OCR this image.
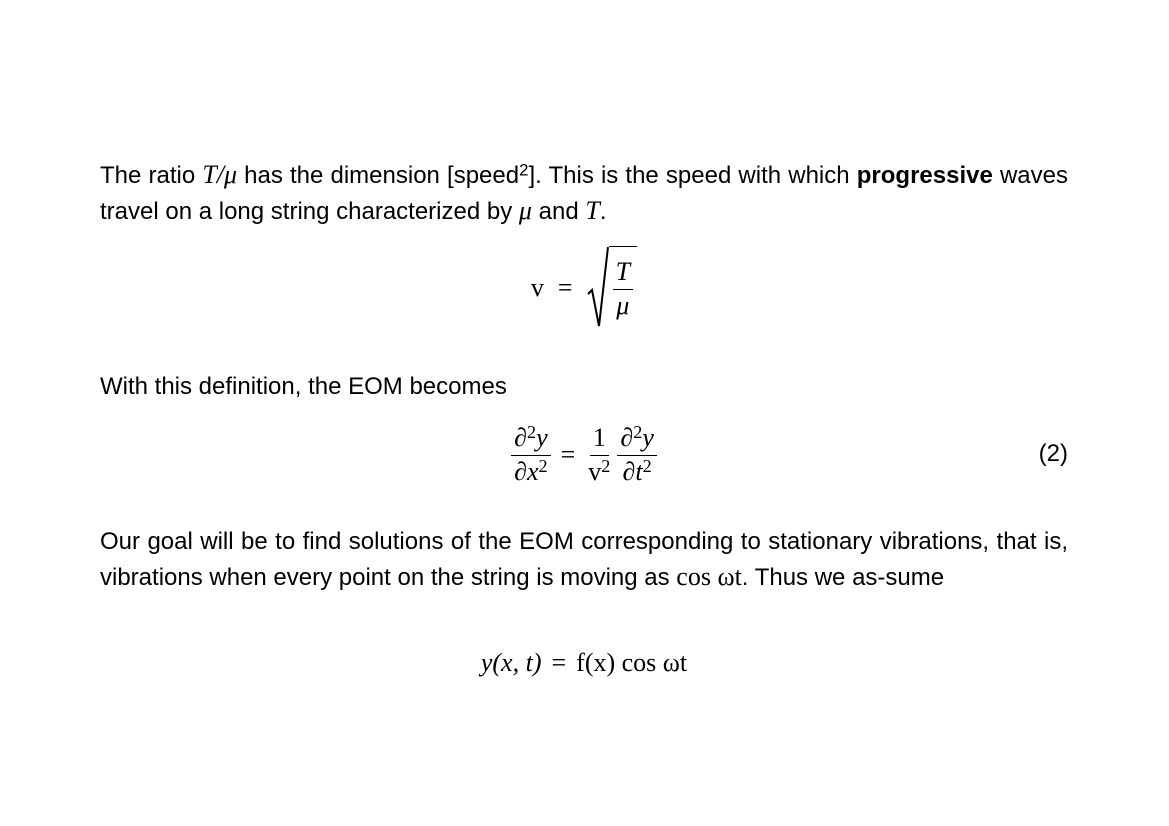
The ratio T/μ has the dimension [speed$^2$]. This is the speed with which progressive waves travel on a long string characterized by μ and T.

$v = \frac{T}{\mu}$

With this definition, the EOM becomes

$\frac{\partial^2y}{\partial x^2} = \frac{1}{v^2} \frac{\partial^2y}{\partial t^2}$	(2)

Our goal will be to find solutions of the EOM corresponding to stationary vibrations, that is, vibrations when every point on the string is moving as cos ωt. Thus we as-sume

y(x, t) = f(x) cos ωt
